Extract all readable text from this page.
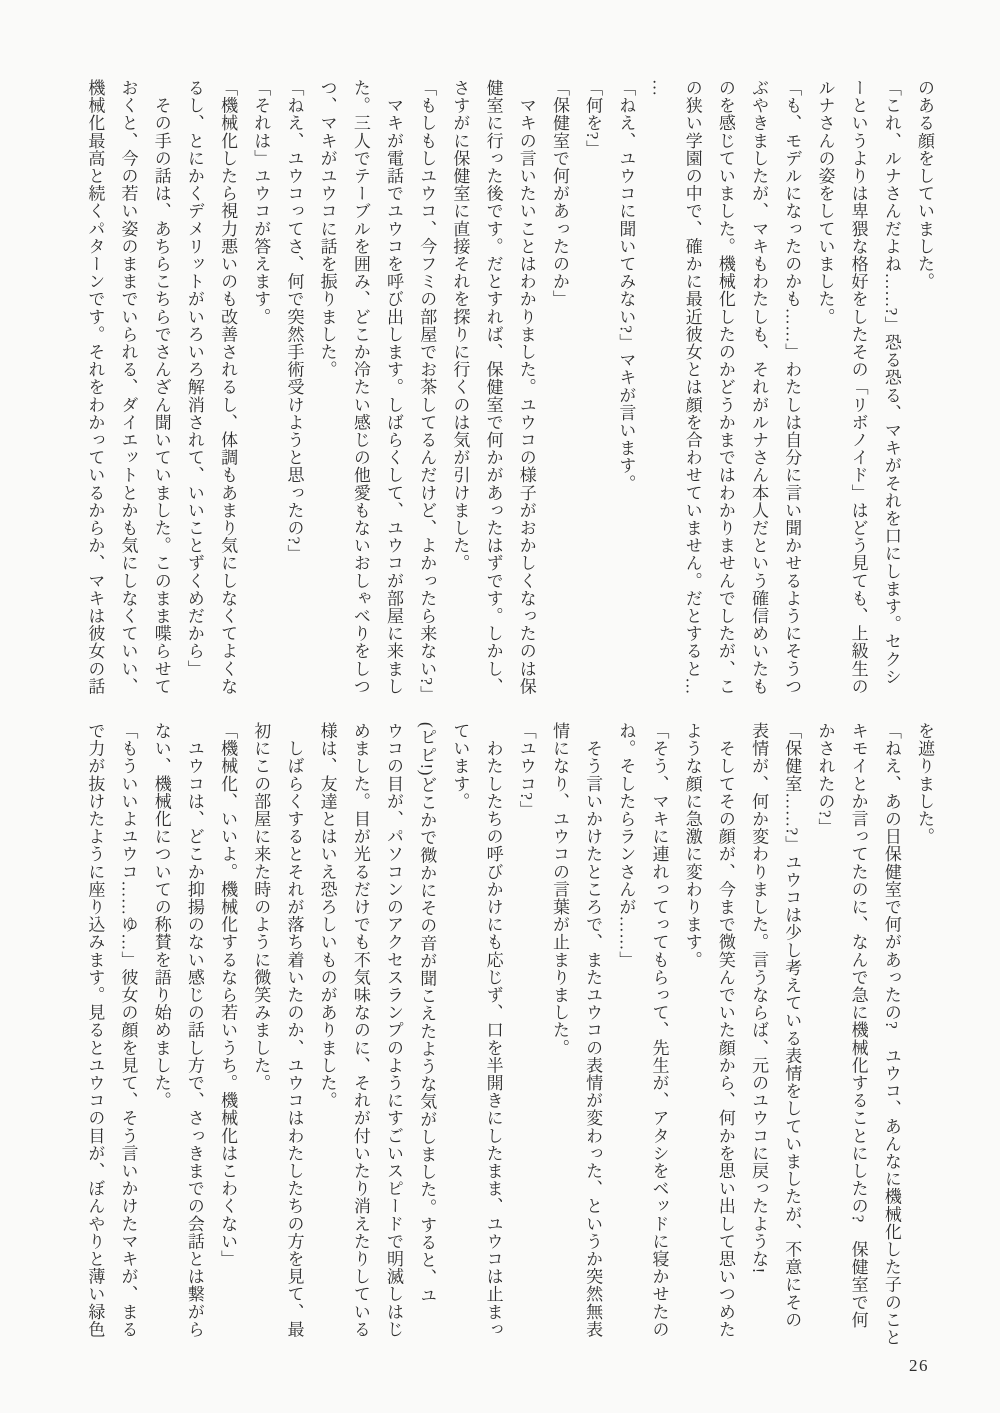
のある顔をしていました。
「これ、ルナさんだよね……?」恐る恐る、マキがそれを口にします。セクシ
ーというよりは卑猥な格好をしたその「リボノイド」はどう見ても、上級生の
ルナさんの姿をしていました。
「も、モデルになったのかも……」わたしは自分に言い聞かせるようにそうつ
ぶやきましたが、マキもわたしも、それがルナさん本人だという確信めいたも
のを感じていました。機械化したのかどうかまではわかりませんでしたが、こ
の狭い学園の中で、確かに最近彼女とは顔を合わせていません。だとすると…
…
「ねえ、ユウコに聞いてみない?」マキが言います。
「何を?」
「保健室で何があったのか」
　マキの言いたいことはわかりました。ユウコの様子がおかしくなったのは保
健室に行った後です。だとすれば、保健室で何かがあったはずです。しかし、
さすがに保健室に直接それを探りに行くのは気が引けました。
「もしもしユウコ、今フミの部屋でお茶してるんだけど、よかったら来ない?」
　マキが電話でユウコを呼び出します。しばらくして、ユウコが部屋に来まし
た。三人でテーブルを囲み、どこか冷たい感じの他愛もないおしゃべりをしつ
つ、マキがユウコに話を振りました。
「ねえ、ユウコってさ、何で突然手術受けようと思ったの?」
「それは」ユウコが答えます。
「機械化したら視力悪いのも改善されるし、体調もあまり気にしなくてよくな
るし、とにかくデメリットがいろいろ解消されて、いいことずくめだから」
　その手の話は、あちらこちらでさんざん聞いていました。このまま喋らせて
おくと、今の若い姿のままでいられる、ダイエットとかも気にしなくていい、
機械化最高と続くパターンです。それをわかっているからか、マキは彼女の話
を遮りました。
「ねえ、あの日保健室で何があったの?　ユウコ、あんなに機械化した子のこと
キモイとか言ってたのに、なんで急に機械化することにしたの?　保健室で何
かされたの?」
「保健室……?」ユウコは少し考えている表情をしていましたが、不意にその
表情が、何か変わりました。言うならば、元のユウコに戻ったような!
　そしてその顔が、今まで微笑んでいた顔から、何かを思い出して思いつめた
ような顔に急激に変わります。
「そう、マキに連れってってもらって、先生が、アタシをベッドに寝かせたの
ね。そしたらランさんが……」
　そう言いかけたところで、またユウコの表情が変わった、というか突然無表
情になり、ユウコの言葉が止まりました。
「ユウコ?」
　わたしたちの呼びかけにも応じず、口を半開きにしたまま、ユウコは止まっ
ています。
(ピピ!)どこかで微かにその音が聞こえたような気がしました。すると、ユ
ウコの目が、パソコンのアクセスランプのようにすごいスピードで明滅しはじ
めました。目が光るだけでも不気味なのに、それが付いたり消えたりしている
様は、友達とはいえ恐ろしいものがありました。
　しばらくするとそれが落ち着いたのか、ユウコはわたしたちの方を見て、最
初にこの部屋に来た時のように微笑みました。
「機械化、いいよ。機械化するなら若いうち。機械化はこわくない」
　ユウコは、どこか抑揚のない感じの話し方で、さっきまでの会話とは繋がら
ない、機械化についての称賛を語り始めました。
「もういいよユウコ……ゆ…」彼女の顔を見て、そう言いかけたマキが、まる
で力が抜けたように座り込みます。見るとユウコの目が、ぼんやりと薄い緑色
26
